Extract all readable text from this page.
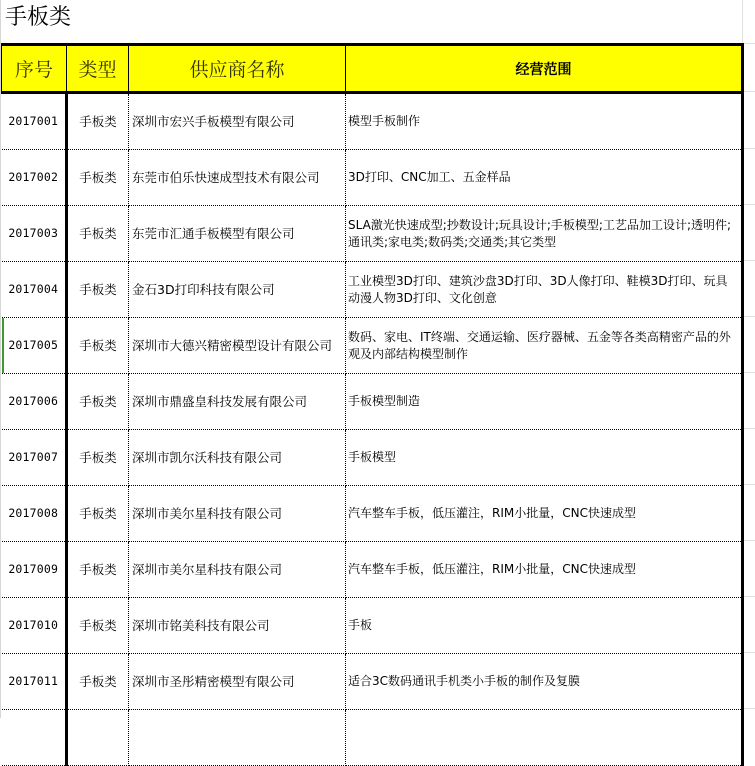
手板类
序号	类型	供应商名称	经营范围
2017001	手板类	深圳市宏兴手板模型有限公司	模型手板制作
2017002	手板类	东莞市伯乐快速成型技术有限公司	3D打印、CNC加工、五金样品
2017003	手板类	东莞市汇通手板模型有限公司	SLA激光快速成型;抄数设计;玩具设计;手板模型;工艺品加工设计;透明件;通讯类;家电类;数码类;交通类;其它类型
2017004	手板类	金石3D打印科技有限公司	工业模型3D打印、建筑沙盘3D打印、3D人像打印、鞋模3D打印、玩具动漫人物3D打印、文化创意
2017005	手板类	深圳市大德兴精密模型设计有限公司	数码、家电、IT终端、交通运输、医疗器械、五金等各类高精密产品的外观及内部结构模型制作
2017006	手板类	深圳市鼎盛皇科技发展有限公司	手板模型制造
2017007	手板类	深圳市凯尔沃科技有限公司	手板模型
2017008	手板类	深圳市美尔星科技有限公司	汽车整车手板，低压灌注，RIM小批量，CNC快速成型
2017009	手板类	深圳市美尔星科技有限公司	汽车整车手板，低压灌注，RIM小批量，CNC快速成型
2017010	手板类	深圳市铭美科技有限公司	手板
2017011	手板类	深圳市圣彤精密模型有限公司	适合3C数码通讯手机类小手板的制作及复膜
